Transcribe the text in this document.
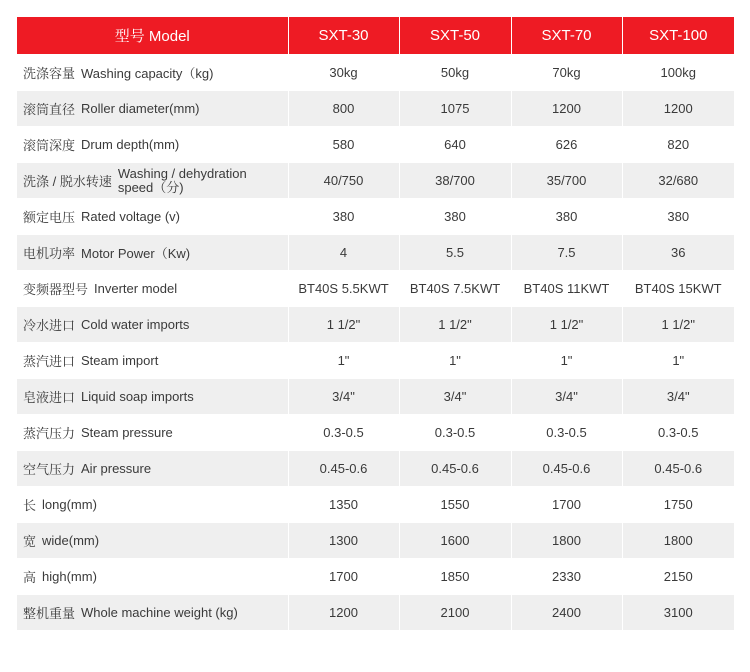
型号 Model	SXT-30	SXT-50	SXT-70	SXT-100

洗涤容量 Washing capacity（kg)	30kg	50kg	70kg	100kg

滚筒直径 Roller diameter(mm)	800	1075	1200	1200

滚筒深度 Drum depth(mm)	580	640	626	820

洗涤 / 脱水转速
Washing / dehydration speed（分)	40/750	38/700	35/700	32/680

额定电压 Rated voltage (v)	380	380	380	380

电机功率 Motor Power（Kw)	4	5.5	7.5	36

变频器型号 Inverter model	BT40S 5.5KWT	BT40S 7.5KWT	BT40S 11KWT	BT40S 15KWT

冷水进口 Cold water imports	1 1/2"	1 1/2"	1 1/2"	1 1/2"

蒸汽进口 Steam import	1"	1"	1"	1"

皂液进口 Liquid soap imports	3/4"	3/4"	3/4"	3/4"

蒸汽压力 Steam pressure	0.3-0.5	0.3-0.5	0.3-0.5	0.3-0.5

空气压力 Air pressure	0.45-0.6	0.45-0.6	0.45-0.6	0.45-0.6

长 long(mm)	1350	1550	1700	1750

宽 wide(mm)	1300	1600	1800	1800

高 high(mm)	1700	1850	2330	2150

整机重量 Whole machine weight (kg)	1200	2100	2400	3100
